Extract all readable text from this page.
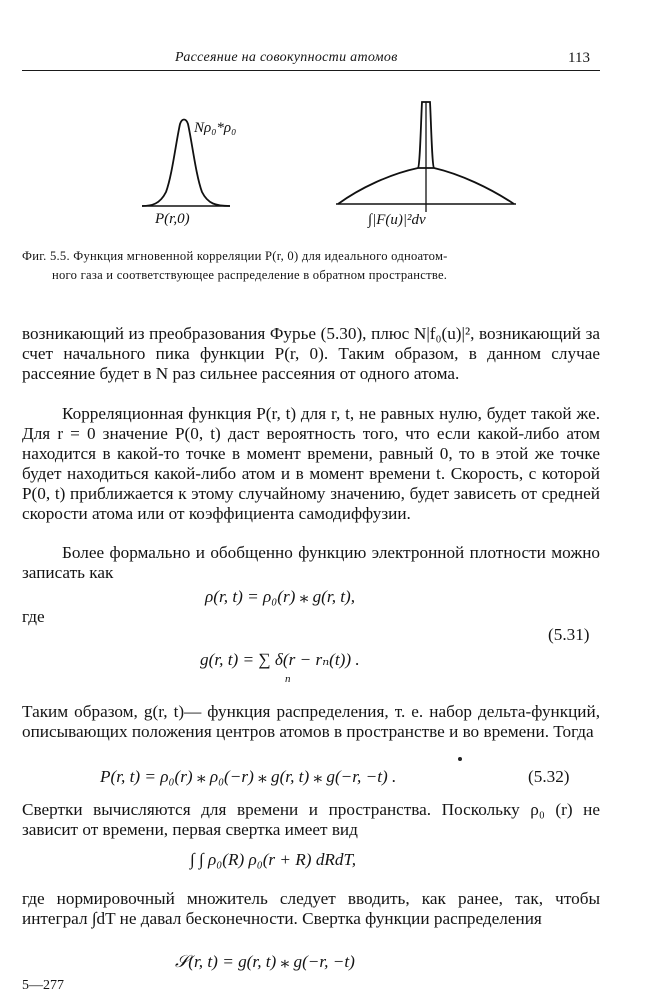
Рассеяние на совокупности атомов	113
Nρ₀*ρ₀
P(r,0)	∫|F(u)|²dv
Фиг. 5.5. Функция мгновенной корреляции P(r, 0) для идеального одноатом-
ного газа и соответствующее распределение в обратном пространстве.
возникающий из преобразования Фурье (5.30), плюс N|f₀(u)|², возникающий за счет начального пика функции P(r, 0). Таким образом, в данном случае рассеяние будет в N раз сильнее рассеяния от одного атома.
Корреляционная функция P(r, t) для r, t, не равных нулю, будет такой же. Для r = 0 значение P(0, t) даст вероятность того, что если какой-либо атом находится в какой-то точке в момент времени, равный 0, то в этой же точке будет находиться какой-либо атом и в момент времени t. Скорость, с которой P(0, t) приближается к этому случайному значению, будет зависеть от средней скорости атома или от коэффициента самодиффузии.
Более формально и обобщенно функцию электронной плотности можно записать как
ρ(r, t) = ρ₀(r) ⁎ g(r, t),
где
g(r, t) = ∑ δ(r − rₙ(t)) .
n
(5.31)
Таким образом, g(r, t)— функция распределения, т. е. набор дельта-функций, описывающих положения центров атомов в пространстве и во времени. Тогда
P(r, t) = ρ₀(r) ⁎ ρ₀(−r) ⁎ g(r, t) ⁎ g(−r, −t) .	(5.32)
Свертки вычисляются для времени и пространства. Поскольку ρ₀ (r) не зависит от времени, первая свертка имеет вид
∫ ∫ ρ₀(R) ρ₀(r + R) dRdT,
где нормировочный множитель следует вводить, как ранее, так, чтобы интеграл ∫dT не давал бесконечности. Свертка функции распределения
𝒮(r, t) = g(r, t) ⁎ g(−r, −t)
5—277
